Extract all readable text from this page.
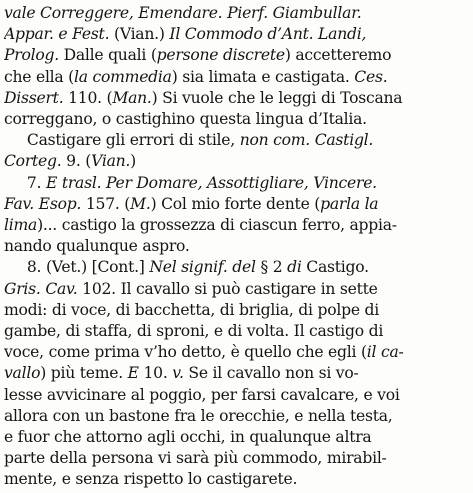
vale Correggere, Emendare. Pierf. Giambullar.
Appar. e Fest. (Vian.) Il Commodo d’Ant. Landi,
Prolog. Dalle quali (persone discrete) accetteremo
che ella (la commedia) sia limata e castigata. Ces.
Dissert. 110. (Man.) Si vuole che le leggi di Toscana
correggano, o castighino questa lingua d’Italia.
  Castigare gli errori di stile, non com. Castigl.
Corteg. 9. (Vian.)
  7. E trasl. Per Domare, Assottigliare, Vincere.
Fav. Esop. 157. (M.) Col mio forte dente (parla la
lima)... castigo la grossezza di ciascun ferro, appia-
nando qualunque aspro.
  8. (Vet.) [Cont.] Nel signif. del § 2 di Castigo.
Gris. Cav. 102. Il cavallo si può castigare in sette
modi: di voce, di bacchetta, di briglia, di polpe di
gambe, di staffa, di sproni, e di volta. Il castigo di
voce, come prima v’ho detto, è quello che egli (il ca-
vallo) più teme. E 10. v. Se il cavallo non si vo-
lesse avvicinare al poggio, per farsi cavalcare, e voi
allora con un bastone fra le orecchie, e nella testa,
e fuor che attorno agli occhi, in qualunque altra
parte della persona vi sarà più commodo, mirabil-
mente, e senza rispetto lo castigarete.
